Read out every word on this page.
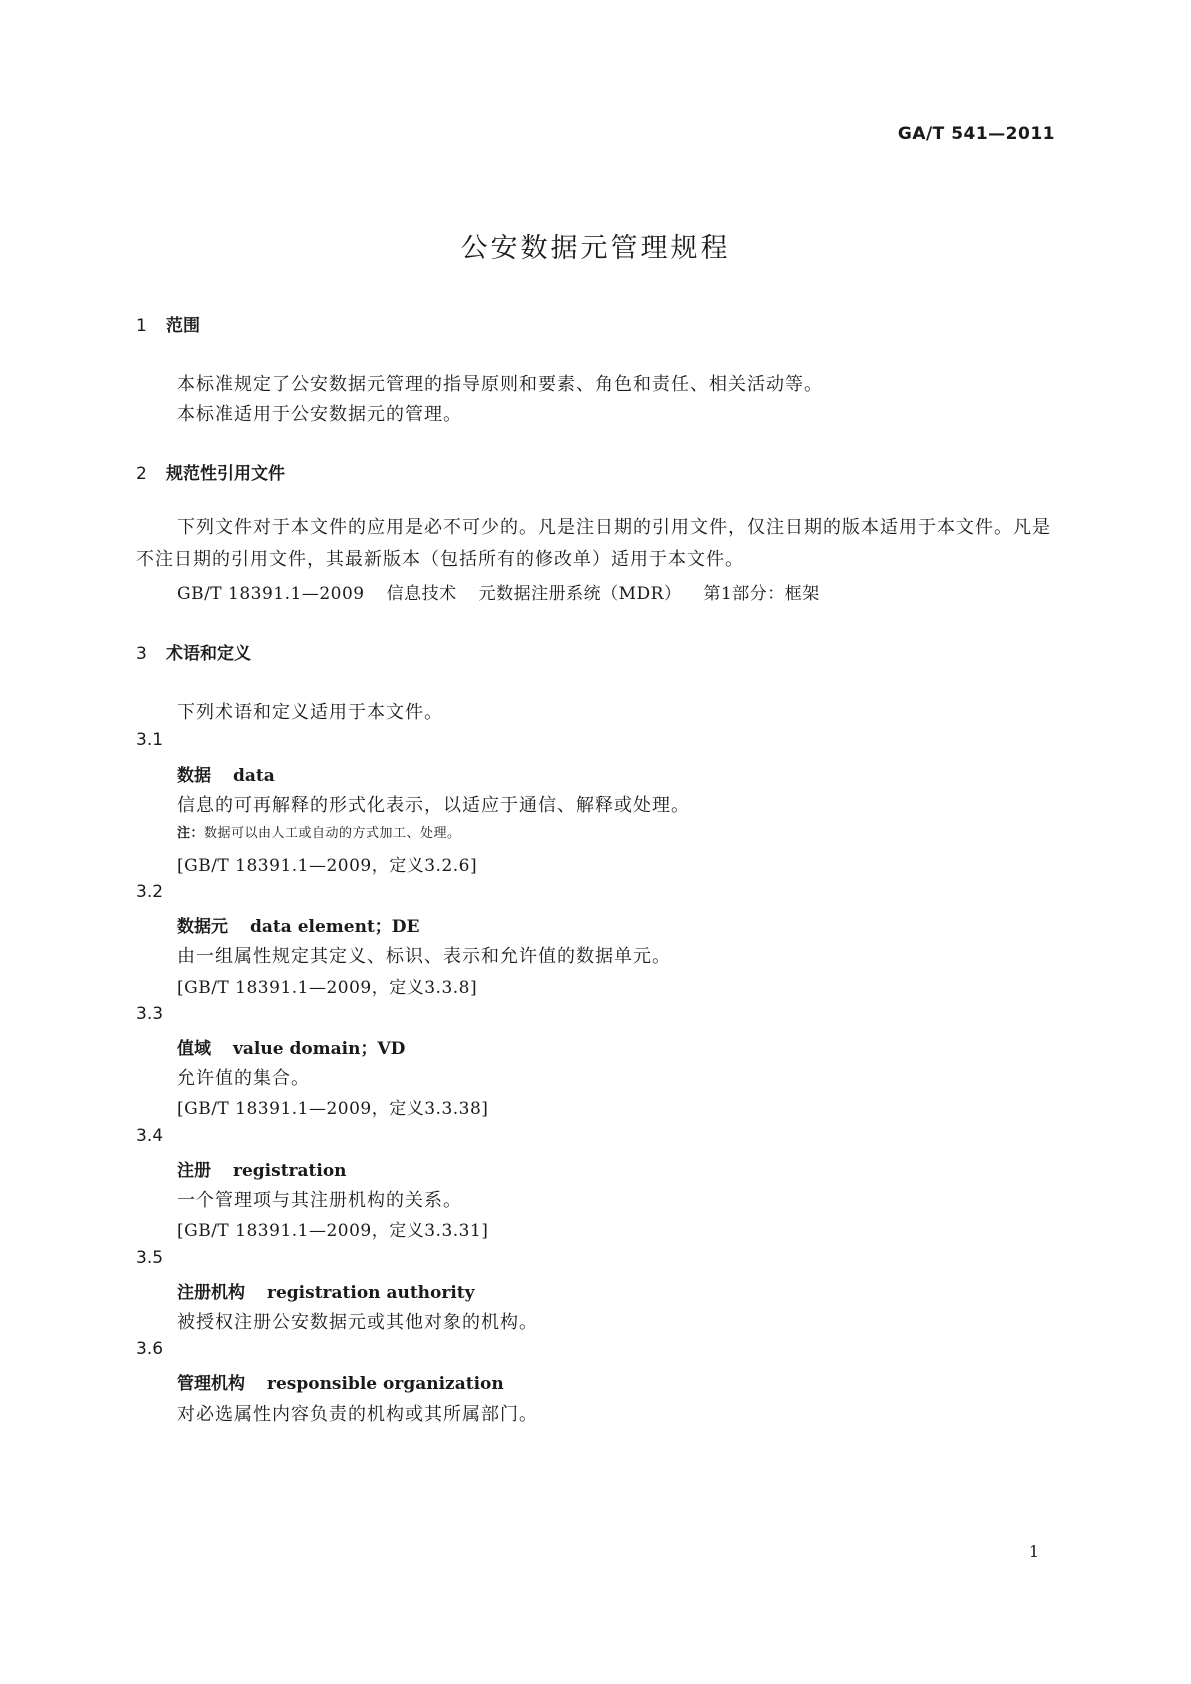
GA/T 541—2011
公安数据元管理规程
1 范围
本标准规定了公安数据元管理的指导原则和要素、角色和责任、相关活动等。
本标准适用于公安数据元的管理。
2 规范性引用文件
下列文件对于本文件的应用是必不可少的。凡是注日期的引用文件，仅注日期的版本适用于本文件。凡是不注日期的引用文件，其最新版本（包括所有的修改单）适用于本文件。
GB/T 18391.1—2009 信息技术 元数据注册系统（MDR） 第1部分：框架
3 术语和定义
下列术语和定义适用于本文件。
3.1
数据 data
信息的可再解释的形式化表示，以适应于通信、解释或处理。
注：数据可以由人工或自动的方式加工、处理。
[GB/T 18391.1—2009，定义3.2.6]
3.2
数据元 data element；DE
由一组属性规定其定义、标识、表示和允许值的数据单元。
[GB/T 18391.1—2009，定义3.3.8]
3.3
值域 value domain；VD
允许值的集合。
[GB/T 18391.1—2009，定义3.3.38]
3.4
注册 registration
一个管理项与其注册机构的关系。
[GB/T 18391.1—2009，定义3.3.31]
3.5
注册机构 registration authority
被授权注册公安数据元或其他对象的机构。
3.6
管理机构 responsible organization
对必选属性内容负责的机构或其所属部门。
1
